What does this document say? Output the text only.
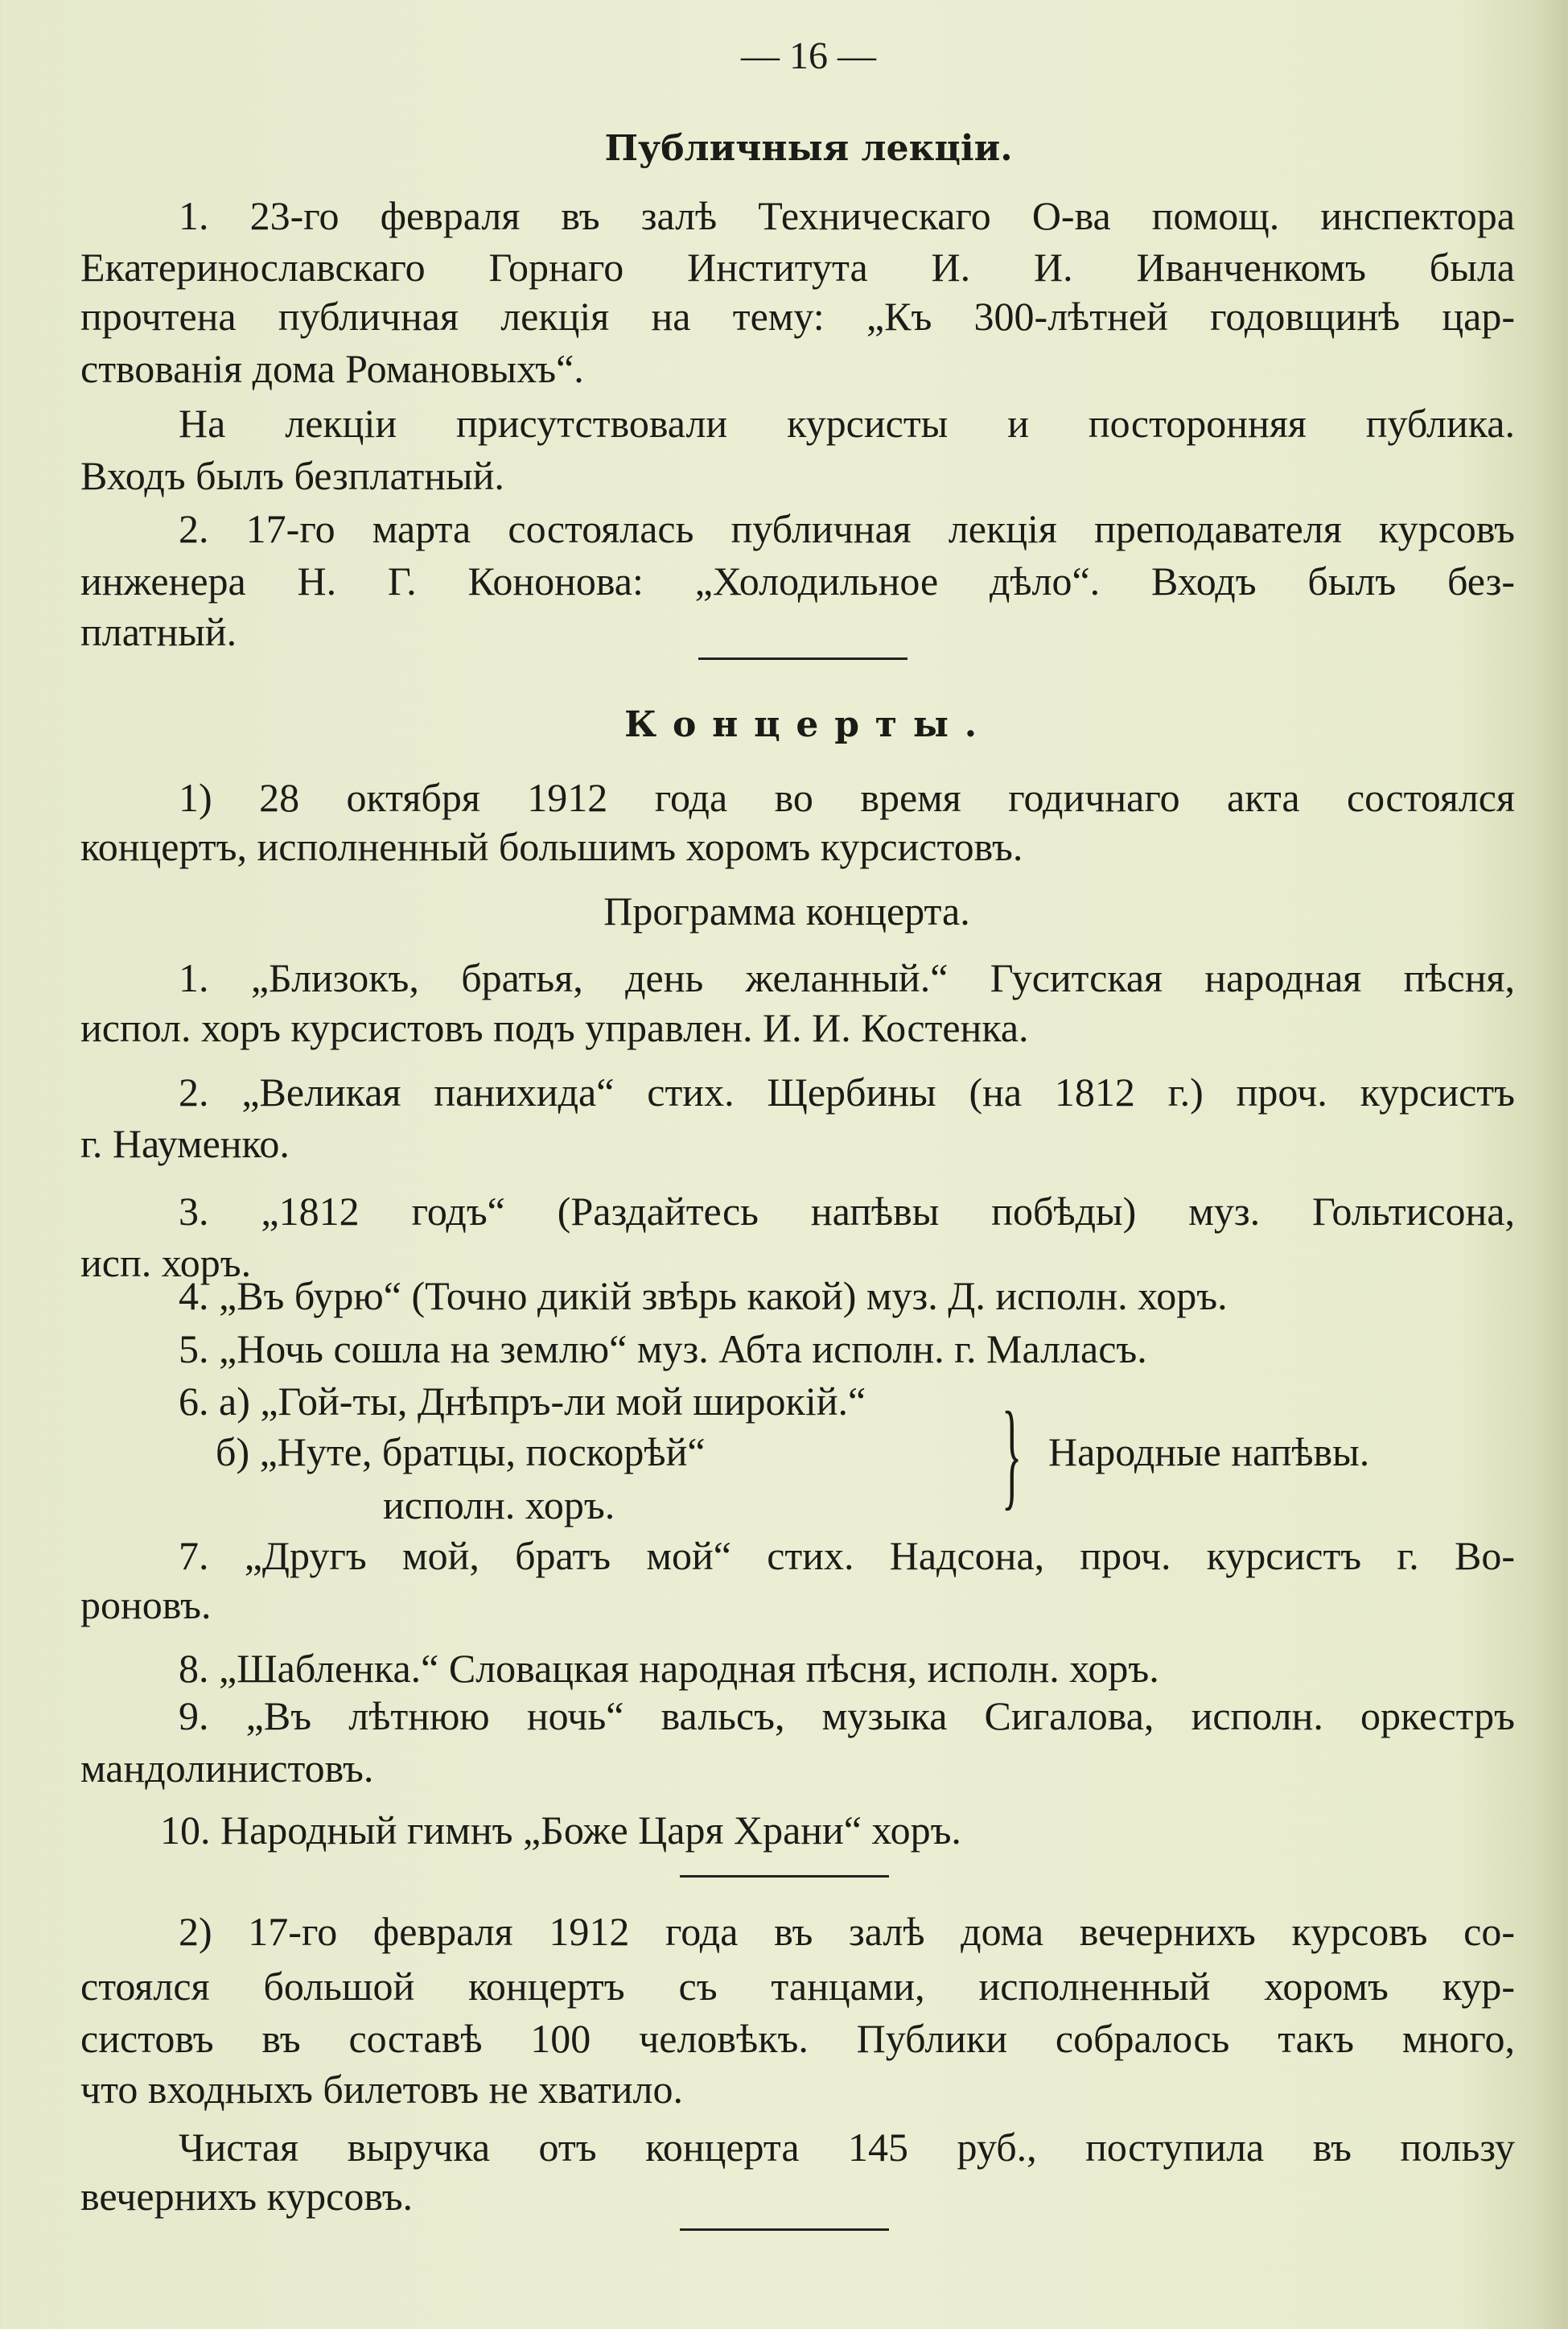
— 16 —
Публичныя лекціи.
1. 23-го февраля въ залѣ Техническаго О-ва помощ. инспектора
Екатеринославскаго Горнаго Института И. И. Иванченкомъ была
прочтена публичная лекція на тему: „Къ 300-лѣтней годовщинѣ цар-
ствованія дома Романовыхъ“.
На лекціи присутствовали курсисты и посторонняя публика.
Входъ былъ безплатный.
2. 17-го марта состоялась публичная лекція преподавателя курсовъ
инженера Н. Г. Кононова: „Холодильное дѣло“. Входъ былъ без-
платный.
Концерты.
1) 28 октября 1912 года во время годичнаго акта состоялся
концертъ, исполненный большимъ хоромъ курсистовъ.
Программа концерта.
1. „Близокъ, братья, день желанный.“ Гуситская народная пѣсня,
испол. хоръ курсистовъ подъ управлен. И. И. Костенка.
2. „Великая панихида“ стих. Щербины (на 1812 г.) проч. курсистъ
г. Науменко.
3. „1812 годъ“ (Раздайтесь напѣвы побѣды) муз. Гольтисона,
исп. хоръ.
4. „Въ бурю“ (Точно дикій звѣрь какой) муз. Д. исполн. хоръ.
5. „Ночь сошла на землю“ муз. Абта исполн. г. Малласъ.
6. а) „Гой-ты, Днѣпръ-ли мой широкій.“
б) „Нуте, братцы, поскорѣй“
исполн. хоръ.	} Народные напѣвы.
7. „Другъ мой, братъ мой“ стих. Надсона, проч. курсистъ г. Во-
роновъ.
8. „Шабленка.“ Словацкая народная пѣсня, исполн. хоръ.
9. „Въ лѣтнюю ночь“ вальсъ, музыка Сигалова, исполн. оркестръ
мандолинистовъ.
10. Народный гимнъ „Боже Царя Храни“ хоръ.
2) 17-го февраля 1912 года въ залѣ дома вечернихъ курсовъ со-
стоялся большой концертъ съ танцами, исполненный хоромъ кур-
систовъ въ составѣ 100 человѣкъ. Публики собралось такъ много,
что входныхъ билетовъ не хватило.
Чистая выручка отъ концерта 145 руб., поступила въ пользу
вечернихъ курсовъ.
